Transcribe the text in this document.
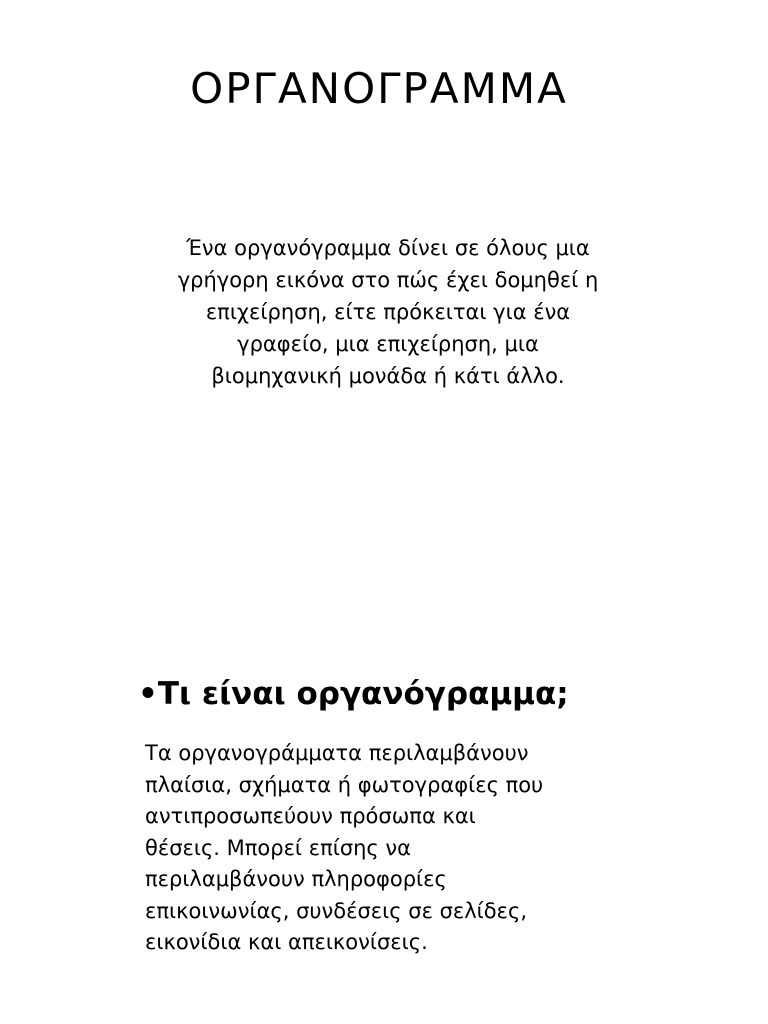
ΟΡΓΑΝΟΓΡΑΜΜΑ

Ένα οργανόγραμμα δίνει σε όλους μια
γρήγορη εικόνα στο πώς έχει δομηθεί η
επιχείρηση, είτε πρόκειται για ένα
γραφείο, μια επιχείρηση, μια
βιομηχανική μονάδα ή κάτι άλλο.

•Τι είναι οργανόγραμμα;

Τα οργανογράμματα περιλαμβάνουν
πλαίσια, σχήματα ή φωτογραφίες που
αντιπροσωπεύουν πρόσωπα και
θέσεις. Μπορεί επίσης να
περιλαμβάνουν πληροφορίες
επικοινωνίας, συνδέσεις σε σελίδες,
εικονίδια και απεικονίσεις.
